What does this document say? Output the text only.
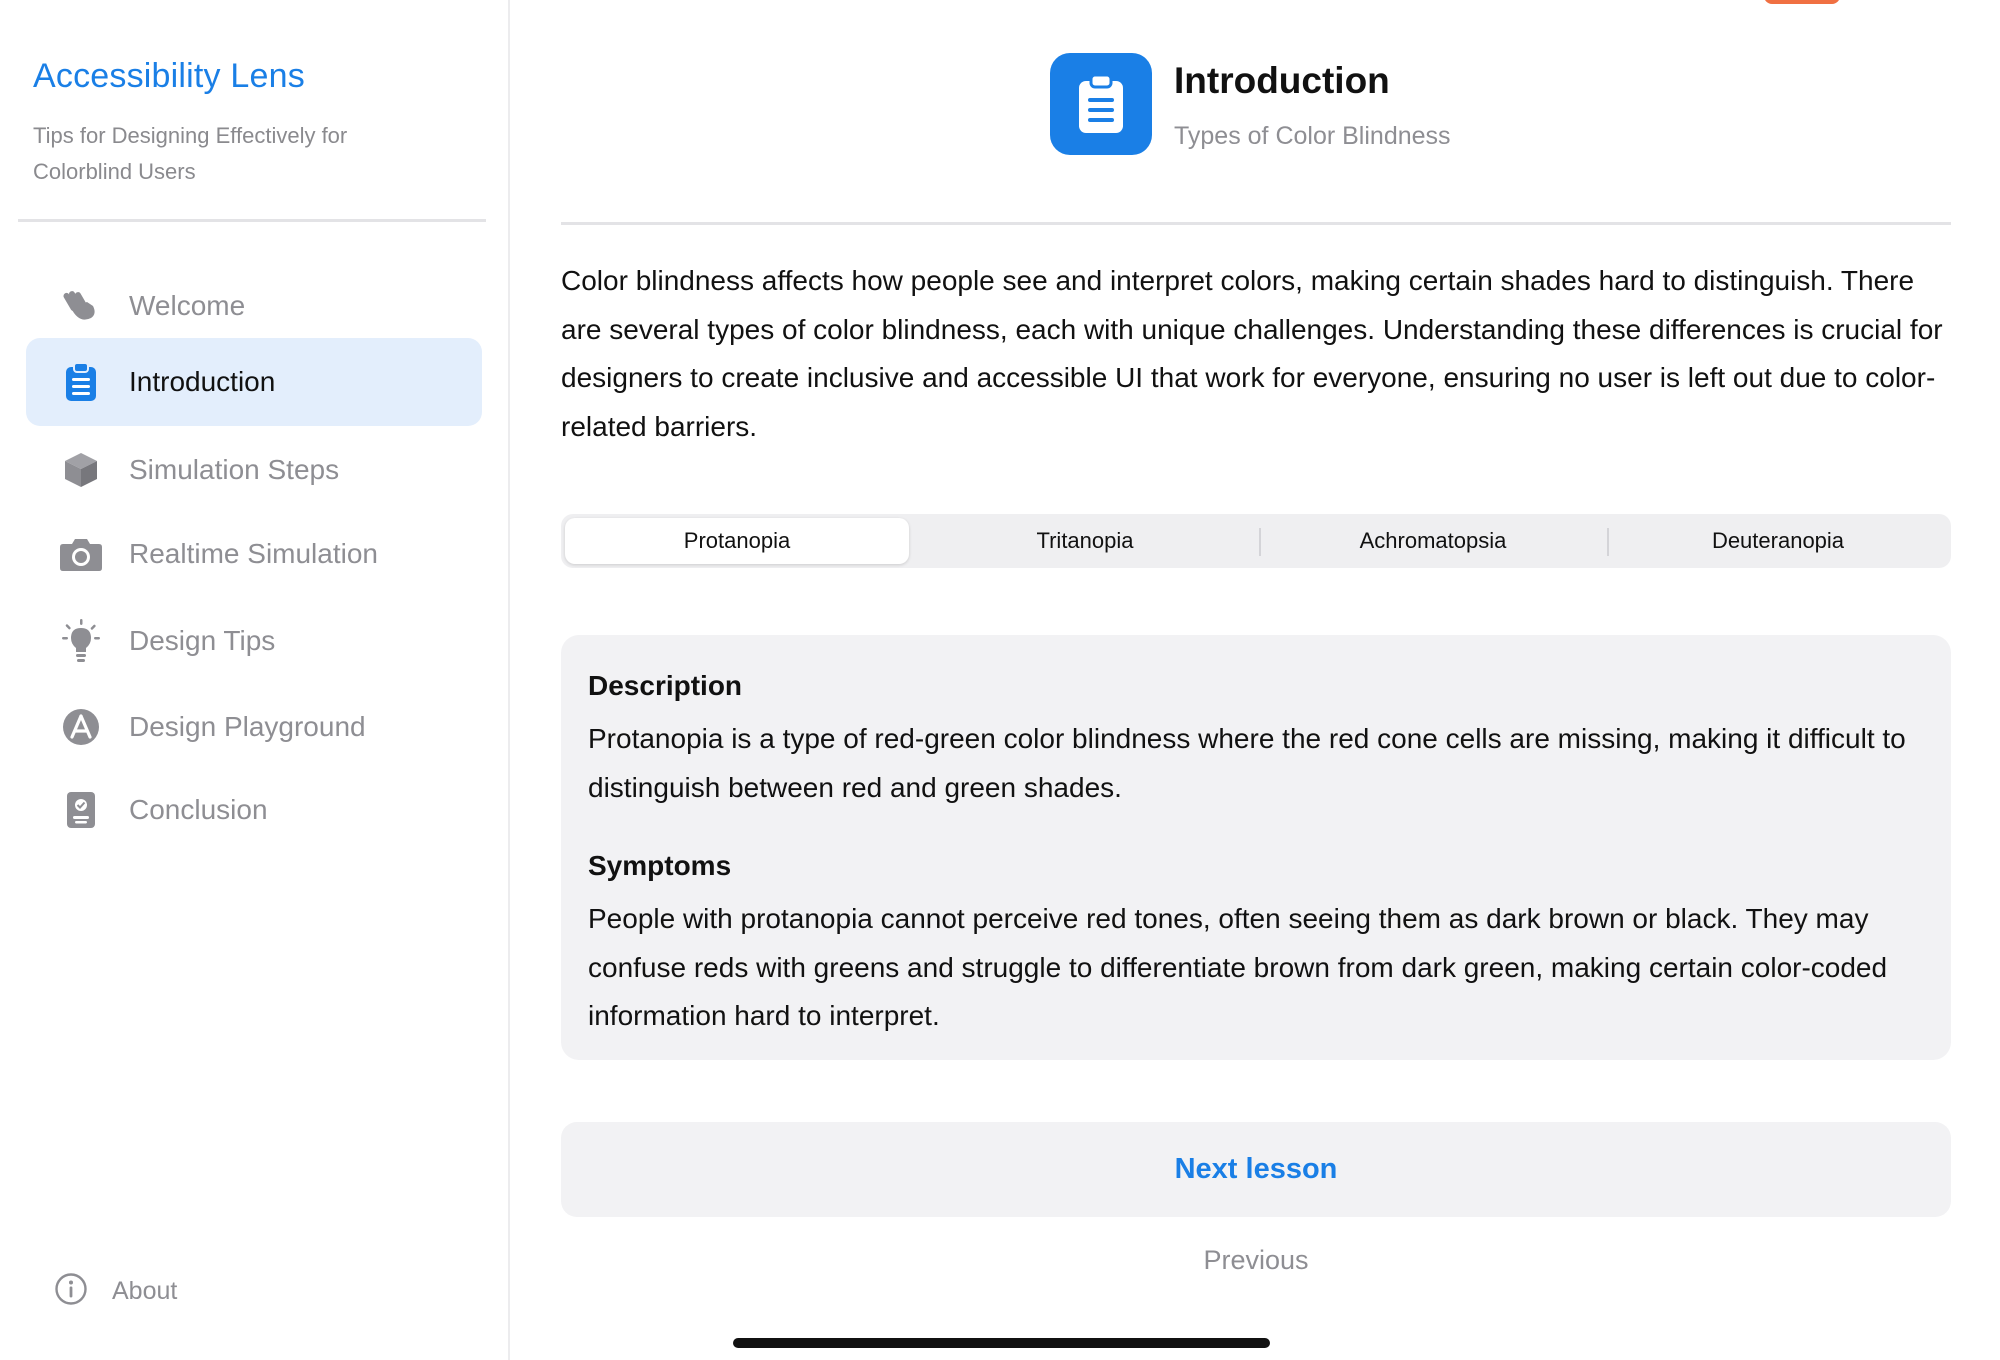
Accessibility Lens
Tips for Designing Effectively for Colorblind Users
Welcome
Introduction
Simulation Steps
Realtime Simulation
Design Tips
Design Playground
Conclusion
About
Introduction
Types of Color Blindness
Color blindness affects how people see and interpret colors, making certain shades hard to distinguish. There are several types of color blindness, each with unique challenges. Understanding these differences is crucial for designers to create inclusive and accessible UI that work for everyone, ensuring no user is left out due to color-related barriers.
Protanopia	Tritanopia	Achromatopsia	Deuteranopia
Description
Protanopia is a type of red-green color blindness where the red cone cells are missing, making it difficult to distinguish between red and green shades.
Symptoms
People with protanopia cannot perceive red tones, often seeing them as dark brown or black. They may confuse reds with greens and struggle to differentiate brown from dark green, making certain color-coded information hard to interpret.
Next lesson
Previous
